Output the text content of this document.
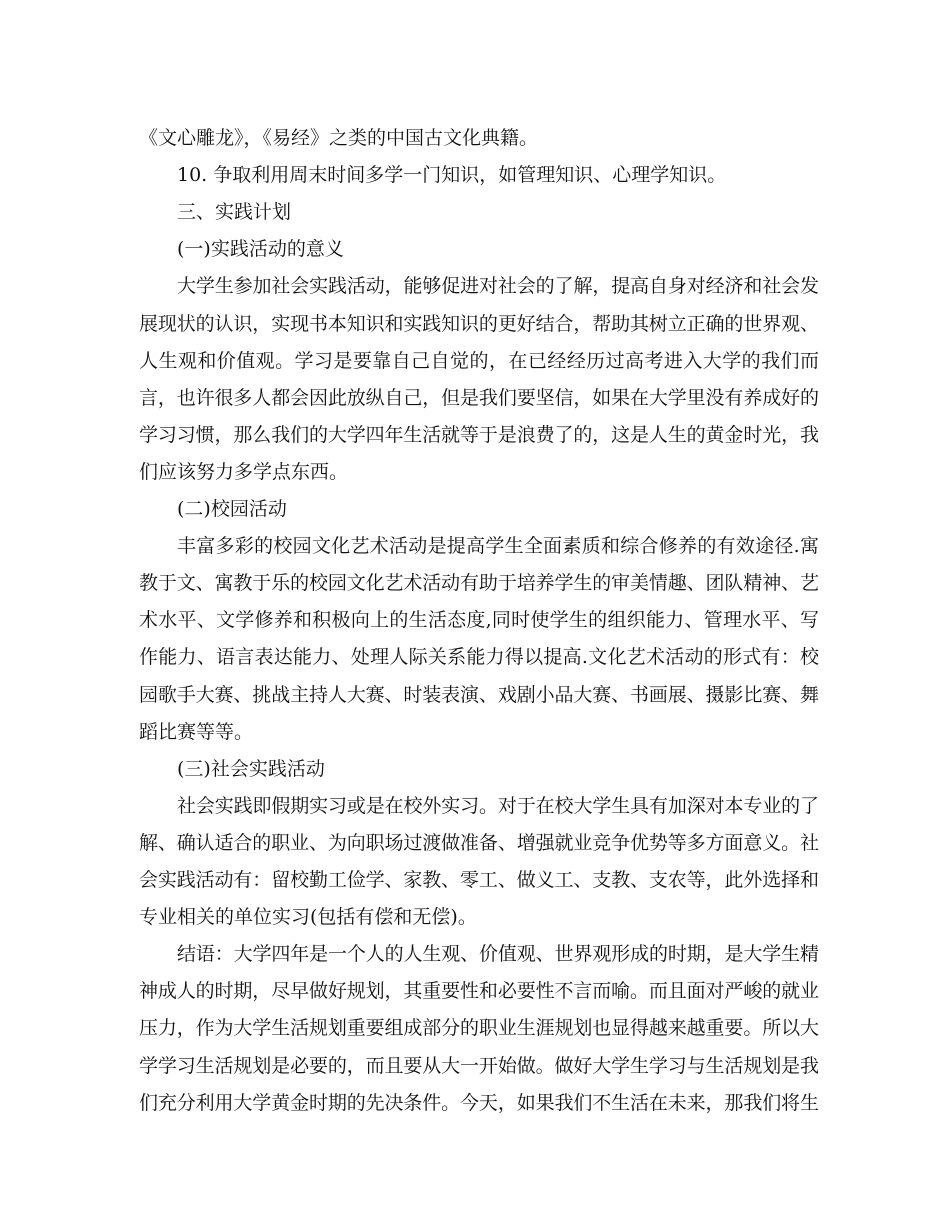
《文心雕龙》，《易经》之类的中国古文化典籍。
10. 争取利用周末时间多学一门知识，如管理知识、心理学知识。
三、实践计划
(一)实践活动的意义
大学生参加社会实践活动，能够促进对社会的了解，提高自身对经济和社会发
展现状的认识，实现书本知识和实践知识的更好结合，帮助其树立正确的世界观、
人生观和价值观。学习是要靠自己自觉的，在已经经历过高考进入大学的我们而
言，也许很多人都会因此放纵自己，但是我们要坚信，如果在大学里没有养成好的
学习习惯，那么我们的大学四年生活就等于是浪费了的，这是人生的黄金时光，我
们应该努力多学点东西。
(二)校园活动
丰富多彩的校园文化艺术活动是提高学生全面素质和综合修养的有效途径.寓
教于文、寓教于乐的校园文化艺术活动有助于培养学生的审美情趣、团队精神、艺
术水平、文学修养和积极向上的生活态度,同时使学生的组织能力、管理水平、写
作能力、语言表达能力、处理人际关系能力得以提高.文化艺术活动的形式有：校
园歌手大赛、挑战主持人大赛、时装表演、戏剧小品大赛、书画展、摄影比赛、舞
蹈比赛等等。
(三)社会实践活动
社会实践即假期实习或是在校外实习。对于在校大学生具有加深对本专业的了
解、确认适合的职业、为向职场过渡做准备、增强就业竞争优势等多方面意义。社
会实践活动有：留校勤工俭学、家教、零工、做义工、支教、支农等，此外选择和
专业相关的单位实习(包括有偿和无偿)。
结语：大学四年是一个人的人生观、价值观、世界观形成的时期，是大学生精
神成人的时期，尽早做好规划，其重要性和必要性不言而喻。而且面对严峻的就业
压力，作为大学生活规划重要组成部分的职业生涯规划也显得越来越重要。所以大
学学习生活规划是必要的，而且要从大一开始做。做好大学生学习与生活规划是我
们充分利用大学黄金时期的先决条件。今天，如果我们不生活在未来，那我们将生
